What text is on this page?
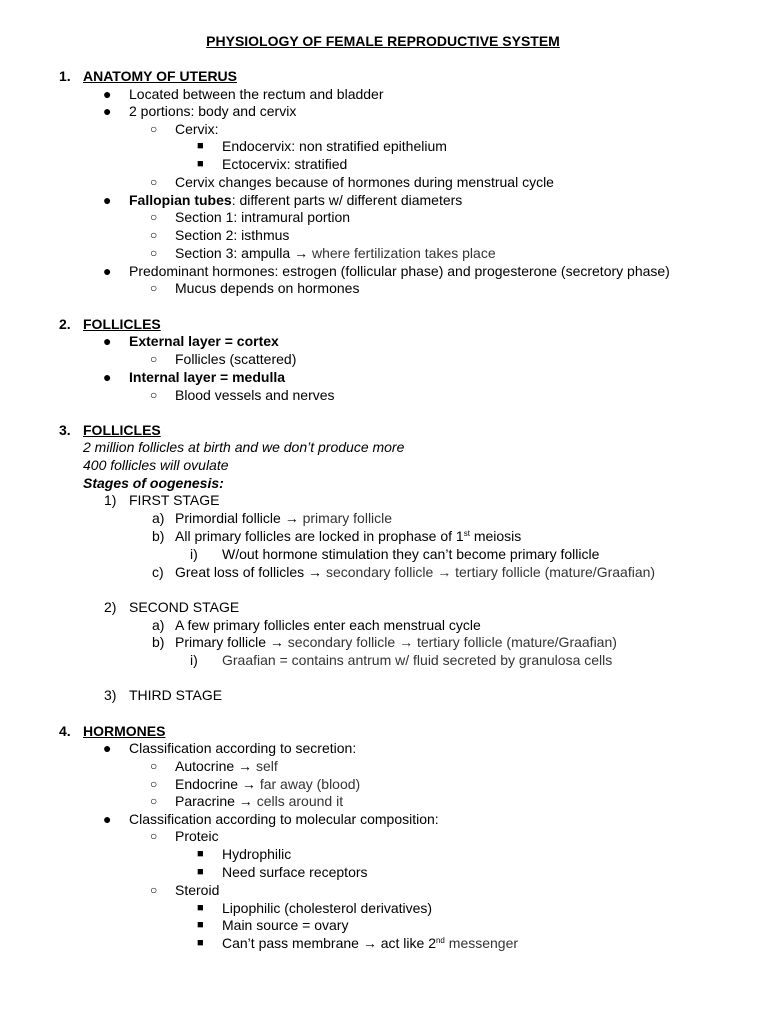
PHYSIOLOGY OF FEMALE REPRODUCTIVE SYSTEM
1. ANATOMY OF UTERUS
● Located between the rectum and bladder
● 2 portions: body and cervix
○ Cervix:
■ Endocervix: non stratified epithelium
■ Ectocervix: stratified
○ Cervix changes because of hormones during menstrual cycle
● Fallopian tubes: different parts w/ different diameters
○ Section 1: intramural portion
○ Section 2: isthmus
○ Section 3: ampulla → where fertilization takes place
● Predominant hormones: estrogen (follicular phase) and progesterone (secretory phase)
○ Mucus depends on hormones
2. FOLLICLES
● External layer = cortex
○ Follicles (scattered)
● Internal layer = medulla
○ Blood vessels and nerves
3. FOLLICLES
2 million follicles at birth and we don’t produce more
400 follicles will ovulate
Stages of oogenesis:
1) FIRST STAGE
a) Primordial follicle → primary follicle
b) All primary follicles are locked in prophase of 1st meiosis
i) W/out hormone stimulation they can’t become primary follicle
c) Great loss of follicles → secondary follicle → tertiary follicle (mature/Graafian)
2) SECOND STAGE
a) A few primary follicles enter each menstrual cycle
b) Primary follicle → secondary follicle → tertiary follicle (mature/Graafian)
i) Graafian = contains antrum w/ fluid secreted by granulosa cells
3) THIRD STAGE
4. HORMONES
● Classification according to secretion:
○ Autocrine → self
○ Endocrine → far away (blood)
○ Paracrine → cells around it
● Classification according to molecular composition:
○ Proteic
■ Hydrophilic
■ Need surface receptors
○ Steroid
■ Lipophilic (cholesterol derivatives)
■ Main source = ovary
■ Can’t pass membrane → act like 2nd messenger
